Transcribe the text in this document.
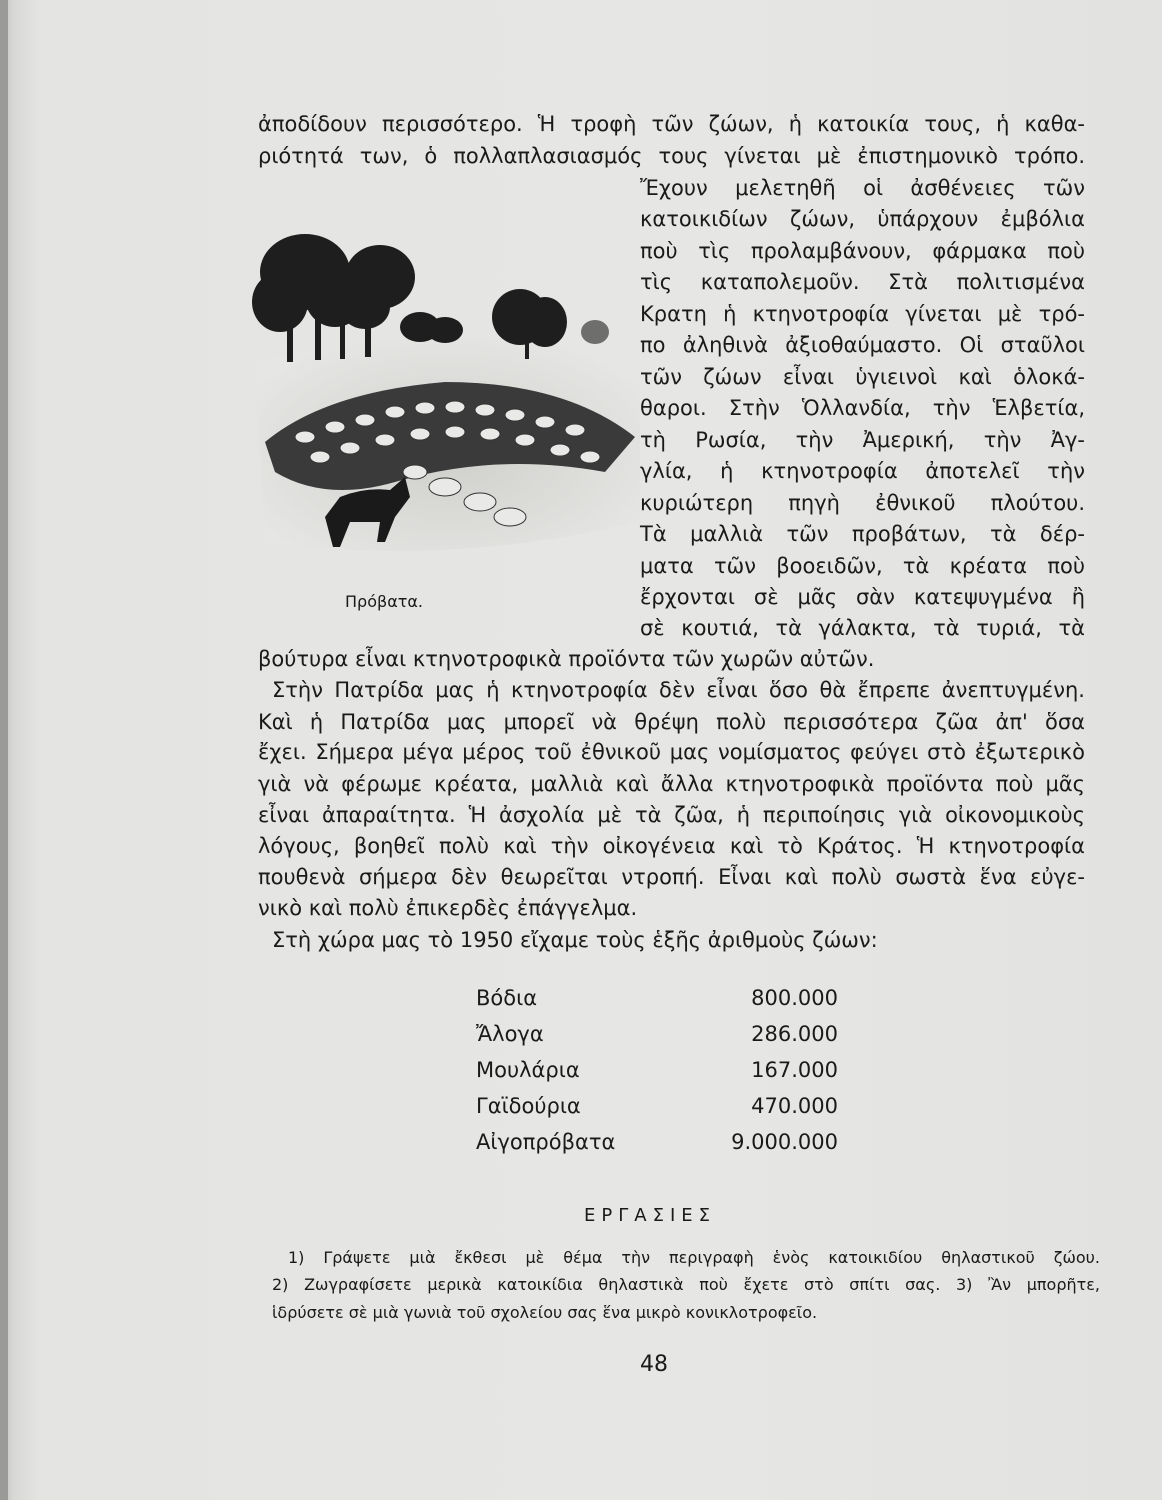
ἀποδίδουν περισσότερο. Ἡ τροφὴ τῶν ζώων, ἡ κατοικία τους, ἡ καθα-
ριότητά των, ὁ πολλαπλασιασμός τους γίνεται μὲ ἐπιστημονικὸ τρόπο.
Ἔχουν μελετηθῆ οἱ ἀσθένειες τῶν
κατοικιδίων ζώων, ὑπάρχουν ἐμβόλια
ποὺ τὶς προλαμβάνουν, φάρμακα ποὺ
τὶς καταπολεμοῦν. Στὰ πολιτισμένα
Κρατη ἡ κτηνοτροφία γίνεται μὲ τρό-
πο ἀληθινὰ ἀξιοθαύμαστο. Οἱ σταῦλοι
τῶν ζώων εἶναι ὑγιεινοὶ καὶ ὁλοκά-
θαροι. Στὴν Ὁλλανδία, τὴν Ἑλβετία,
τὴ Ρωσία, τὴν Ἀμερική, τὴν Ἀγ-
γλία, ἡ κτηνοτροφία ἀποτελεῖ τὴν
κυριώτερη πηγὴ ἐθνικοῦ πλούτου.
Τὰ μαλλιὰ τῶν προβάτων, τὰ δέρ-
ματα τῶν βοοειδῶν, τὰ κρέατα ποὺ
ἔρχονται σὲ μᾶς σὰν κατεψυγμένα ἢ
σὲ κουτιά, τὰ γάλακτα, τὰ τυριά, τὰ
βούτυρα εἶναι κτηνοτροφικὰ προϊόντα τῶν χωρῶν αὐτῶν.
Πρόβατα.
Στὴν Πατρίδα μας ἡ κτηνοτροφία δὲν εἶναι ὅσο θὰ ἔπρεπε ἀνεπτυγμένη.
Καὶ ἡ Πατρίδα μας μπορεῖ νὰ θρέψη πολὺ περισσότερα ζῶα ἀπ' ὅσα
ἔχει. Σήμερα μέγα μέρος τοῦ ἐθνικοῦ μας νομίσματος φεύγει στὸ ἐξωτερικὸ
γιὰ νὰ φέρωμε κρέατα, μαλλιὰ καὶ ἄλλα κτηνοτροφικὰ προϊόντα ποὺ μᾶς
εἶναι ἀπαραίτητα. Ἡ ἀσχολία μὲ τὰ ζῶα, ἡ περιποίησις γιὰ οἰκονομικοὺς
λόγους, βοηθεῖ πολὺ καὶ τὴν οἰκογένεια καὶ τὸ Κράτος. Ἡ κτηνοτροφία
πουθενὰ σήμερα δὲν θεωρεῖται ντροπή. Εἶναι καὶ πολὺ σωστὰ ἕνα εὐγε-
νικὸ καὶ πολὺ ἐπικερδὲς ἐπάγγελμα.
Στὴ χώρα μας τὸ 1950 εἴχαμε τοὺς ἑξῆς ἀριθμοὺς ζώων:
Βόδια	800.000
Ἄλογα	286.000
Μουλάρια	167.000
Γαϊδούρια	470.000
Αἰγοπρόβατα	9.000.000
ΕΡΓΑΣΙΕΣ
1) Γράψετε μιὰ ἔκθεσι μὲ θέμα τὴν περιγραφὴ ἑνὸς κατοικιδίου θηλαστικοῦ ζώου.
2) Ζωγραφίσετε μερικὰ κατοικίδια θηλαστικὰ ποὺ ἔχετε στὸ σπίτι σας. 3) Ἂν μπορῆτε,
ἱδρύσετε σὲ μιὰ γωνιὰ τοῦ σχολείου σας ἕνα μικρὸ κονικλοτροφεῖο.
48
